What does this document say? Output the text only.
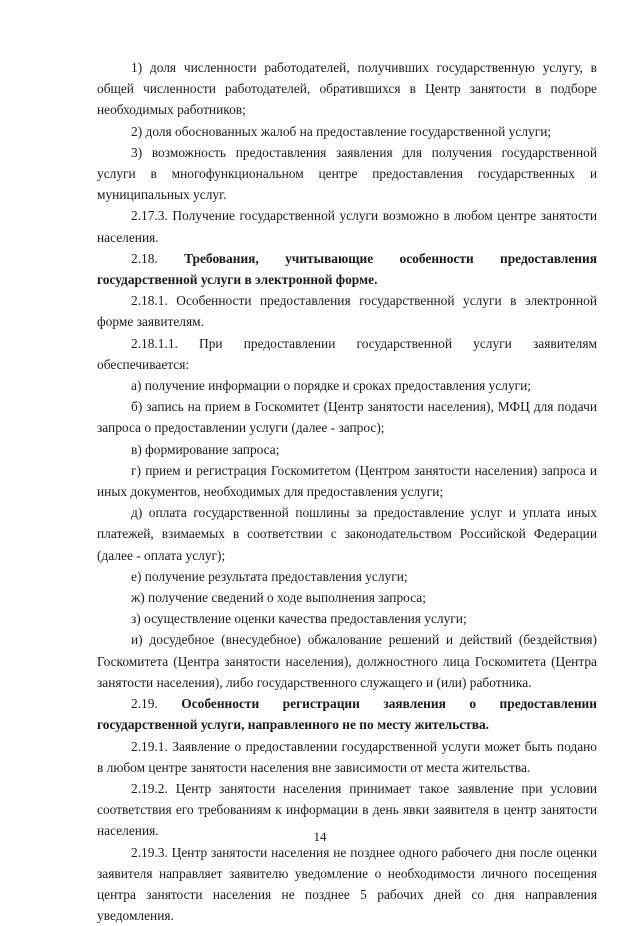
1) доля численности работодателей, получивших государственную услугу, в общей численности работодателей, обратившихся в Центр занятости в подборе необходимых работников;

2) доля обоснованных жалоб на предоставление государственной услуги;

3) возможность предоставления заявления для получения государственной услуги в многофункциональном центре предоставления государственных и муниципальных услуг.

2.17.3. Получение государственной услуги возможно в любом центре занятости населения.

2.18. Требования, учитывающие особенности предоставления государственной услуги в электронной форме.

2.18.1. Особенности предоставления государственной услуги в электронной форме заявителям.

2.18.1.1. При предоставлении государственной услуги заявителям обеспечивается:

а) получение информации о порядке и сроках предоставления услуги;

б) запись на прием в Госкомитет (Центр занятости населения), МФЦ для подачи запроса о предоставлении услуги (далее - запрос);

в) формирование запроса;

г) прием и регистрация Госкомитетом (Центром занятости населения) запроса и иных документов, необходимых для предоставления услуги;

д) оплата государственной пошлины за предоставление услуг и уплата иных платежей, взимаемых в соответствии с законодательством Российской Федерации (далее - оплата услуг);

е) получение результата предоставления услуги;

ж) получение сведений о ходе выполнения запроса;

з) осуществление оценки качества предоставления услуги;

и) досудебное (внесудебное) обжалование решений и действий (бездействия) Госкомитета (Центра занятости населения), должностного лица Госкомитета (Центра занятости населения), либо государственного служащего и (или) работника.

2.19. Особенности регистрации заявления о предоставлении государственной услуги, направленного не по месту жительства.

2.19.1. Заявление о предоставлении государственной услуги может быть подано в любом центре занятости населения вне зависимости от места жительства.

2.19.2. Центр занятости населения принимает такое заявление при условии соответствия его требованиям к информации в день явки заявителя в центр занятости населения.

2.19.3. Центр занятости населения не позднее одного рабочего дня после оценки заявителя направляет заявителю уведомление о необходимости личного посещения центра занятости населения не позднее 5 рабочих дней со дня направления уведомления.

14
